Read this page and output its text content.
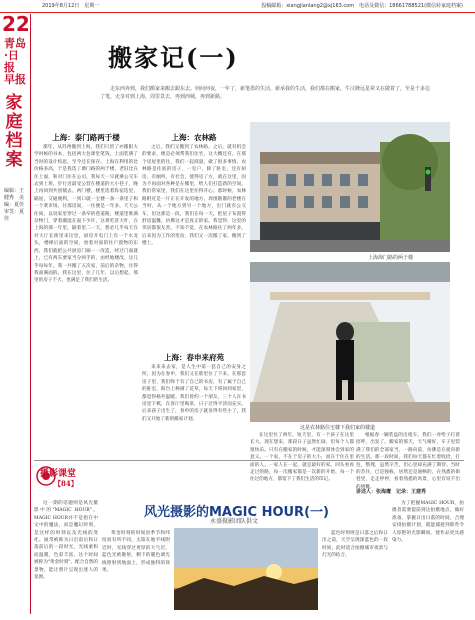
2019年8月12日　星期一	投稿邮箱：xiangjianlang2@xj163.com　电话及微信：18661788521(微信转家庭档案)
22
青岛·日报 早报
家庭档案
编辑：王健秀　美编：夏佳　审签：夏佳
搬家记(一)
走东西奔到，我们搬家来搬去跟东去。何间何夜，一年了，新笔墨的生活，新承我的生活，我们都在搬家，牛汪隆远星辈又在做着了，至是千多边了笔，无享对到上海，周里景去，再到西城，再到新路。
上海：泰门路两于楼
那年，从苏州搬到上海，我们只留了亦搬阳大学时候的书本，包括两大包课堂笔钱，上面装满了当时的设计构思，至今还在保存。上海在利用的比价格多高，于是我选了塘门路的两于楼，老旧比在住上面，和对门住在公司，我每天一早就乘公交车去到上班，步行近最受公营在楼道的大小巷子，晚上再回到共创铺去。两门楼，楼里选着阵宿选里，隔屋，交通便利，一到口就一宝楼一条一条里子和一个菜市场。住那房间，一住便是一年多。天天公住间，以说家里穿过一条窄的巷道路，楼道里堆满杂物门，穿着潮湿在面下少许，这难吃甚大叶，在上海的那一年里，隔着里二一天，想必几乎每天在对大厅长街里来这里，厨房开电门上有一个水龙头，楼梯后面的空间，放着对面的住户置物的东西，我们就把公共厨房门廊一一改造，经过门面就上，已有两东要家当分两手的，由经地楼改，这几乎每每年，我一共搬了五次家，前后的杂物，住得我面满面的。我在这里，住了几年，以后想起，那里的房子不大，也满足了我们的生活。
上海：农林路
之后，我们又搬到了农林路。之后，就有机会的要求，便是必须帮我们住宅，这大概还有。在那个房屋里的住，我们一起商量，做了很多事情。农林路是住底的房子，一室户，除了卧室，还有厨房，有厕所，有社会，使得房了方，就在这里，因为不再面对各种是在哪里，给人们打造新的空间，我们常家里，我们在这里住得开心。那时候，农林路附近是一片正在开发的地方，周围散散的老楼在当时，从一个地方到另一个地方，出门就有公交车，但这那是一段，我们在每一天，把屋子布置得舒适温馨，仿佛这才是真正的家。我觉得，这里的邻居都很友善。不知不觉，在农林路住了两年多，后来因为工作的变动，我们又一次搬了家，搬到了楼上。
上海：春申来府苑
来来来去家，是人生中第一套自己的安身之所，因为在春申，我们又在那里住了下来。在那套房子里，我们终于有了自己的书房，有了属于自己的卧室，阳台上种满了花草，每天下班回到家里，都觉得格外温暖。我们曾约一个朋友，三个人在书房里下棋，在客厅里喝茶，日子过得平淡而充实。后来孩子出生了，春申的房子就显得有些小了，我们又开始了新的搬家计划。
上海海门路的两于楼
这是农林路住宅楼下我们家的楼道
在这里住了两年，短天里，有一个孩子在这里长大。现在想来，那段日子虽然忙碌，但每个人都很快乐。只有在搬家的时候，才能深刻体会到家的意义。一个家，不在于房子的大小，而在于住在里面的人。一家人在一起，就是最好的家。回头看看走过的路，每一次搬家都是一次新的开始，每一个住过的地方，都留下了我们生活的印记。
根据春一辆装盘的出租车，我们一对给子打着招呼，出发了。搬家的那天，天气晴好，车子里装满了我们的全部家当，一路向前，仿佛是在驶向新的生活。那一段时间，我们每天都在忙着收拾，打包，整理，虽然辛苦，但心里却充满了期待。当时的苏住，已是独栋，居然还是通畅的，在熟悉的街巷里，走走停停，看着熟悉的风景，心里有说不出的感慨。
讲述人：张海鹰　记录：王建秀
摄影课堂
【84】
风光摄影的MAGIC HOUR(一)
永盛摄影团队供文
这一期的话题则是风光摄影中的"MAGIC HOUR"。MAGIC HOUR并不是指在中文中的魔法，而是魔幻时刻，是这样的时刻以及光线的变化。通常被称为日出前后和日落前后的一段时光，光线柔和而温暖，色彩丰富，这个时间被称为"黄金时刻"，配合自然的景物，能让照片呈现出迷人的氛围。
黄金时刻的时间因季节和纬度而有所不同，太阳在地平线附近时，光线穿过更厚的大气层，蓝色光被散射，剩下的暖色调光线照射到地面上，形成独特的效果。
蓝色时刻则是日落之后和日出之前，天空呈现深蓝色的一段时间，此时适合拍摄城市夜景与灯光的结合。
为了把握MAGIC HOUR，拍摄者需要提前到达拍摄地点，做好准备，掌握日出日落的时间，合理安排拍摄计划，就能捕捉到那些令人惊艳的光影瞬间，使作品更具感染力。
